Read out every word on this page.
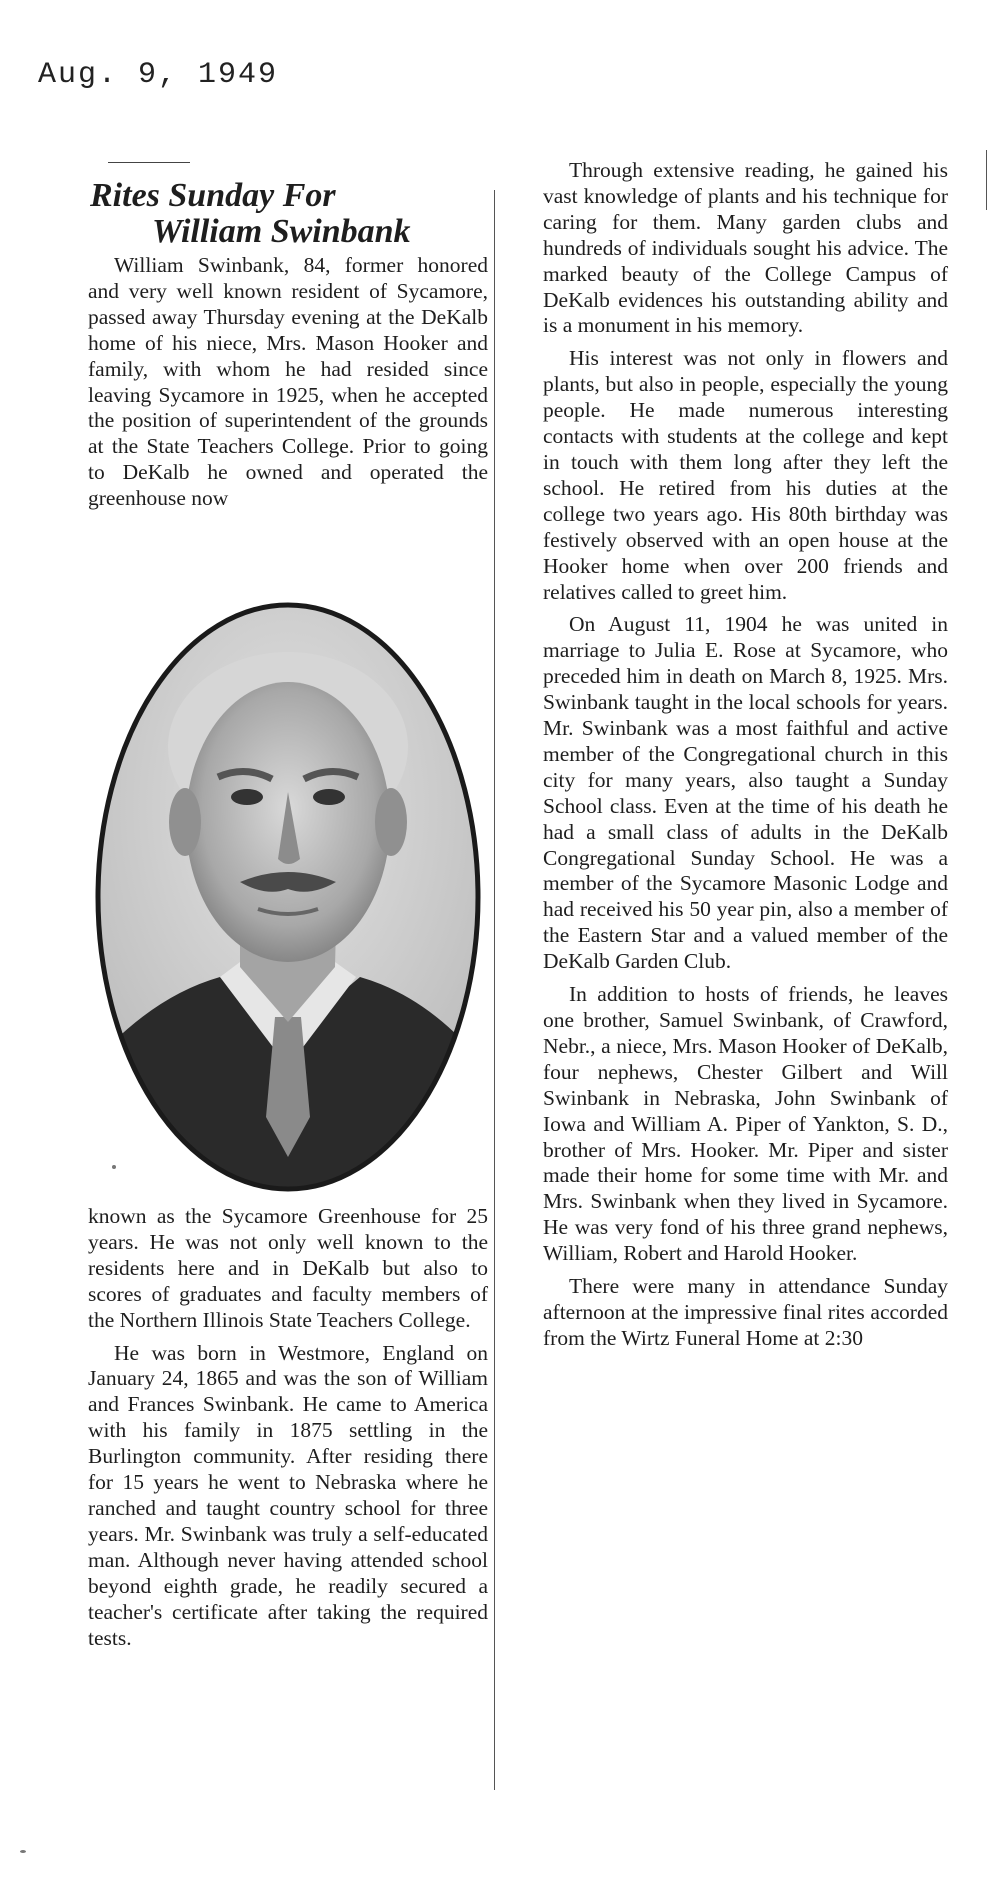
Aug. 9, 1949
Rites Sunday For
William Swinbank

William Swinbank, 84, former honored and very well known resident of Sycamore, passed away Thursday evening at the DeKalb home of his niece, Mrs. Mason Hooker and family, with whom he had resided since leaving Sycamore in 1925, when he accepted the position of superintendent of the grounds at the State Teachers College. Prior to going to DeKalb he owned and operated the greenhouse now

known as the Sycamore Greenhouse for 25 years. He was not only well known to the residents here and in DeKalb but also to scores of graduates and faculty members of the Northern Illinois State Teachers College.

He was born in Westmore, England on January 24, 1865 and was the son of William and Frances Swinbank. He came to America with his family in 1875 settling in the Burlington community. After residing there for 15 years he went to Nebraska where he ranched and taught country school for three years. Mr. Swinbank was truly a self-educated man. Although never having attended school beyond eighth grade, he readily secured a teacher's certificate after taking the required tests.

Through extensive reading, he gained his vast knowledge of plants and his technique for caring for them. Many garden clubs and hundreds of individuals sought his advice. The marked beauty of the College Campus of DeKalb evidences his outstanding ability and is a monument in his memory.

His interest was not only in flowers and plants, but also in people, especially the young people. He made numerous interesting contacts with students at the college and kept in touch with them long after they left the school. He retired from his duties at the college two years ago. His 80th birthday was festively observed with an open house at the Hooker home when over 200 friends and relatives called to greet him.

On August 11, 1904 he was united in marriage to Julia E. Rose at Sycamore, who preceded him in death on March 8, 1925. Mrs. Swinbank taught in the local schools for years. Mr. Swinbank was a most faithful and active member of the Congregational church in this city for many years, also taught a Sunday School class. Even at the time of his death he had a small class of adults in the DeKalb Congregational Sunday School. He was a member of the Sycamore Masonic Lodge and had received his 50 year pin, also a member of the Eastern Star and a valued member of the DeKalb Garden Club.

In addition to hosts of friends, he leaves one brother, Samuel Swinbank, of Crawford, Nebr., a niece, Mrs. Mason Hooker of DeKalb, four nephews, Chester Gilbert and Will Swinbank in Nebraska, John Swinbank of Iowa and William A. Piper of Yankton, S. D., brother of Mrs. Hooker. Mr. Piper and sister made their home for some time with Mr. and Mrs. Swinbank when they lived in Sycamore. He was very fond of his three grand nephews, William, Robert and Harold Hooker.

There were many in attendance Sunday afternoon at the impressive final rites accorded from the Wirtz Funeral Home at 2:30
